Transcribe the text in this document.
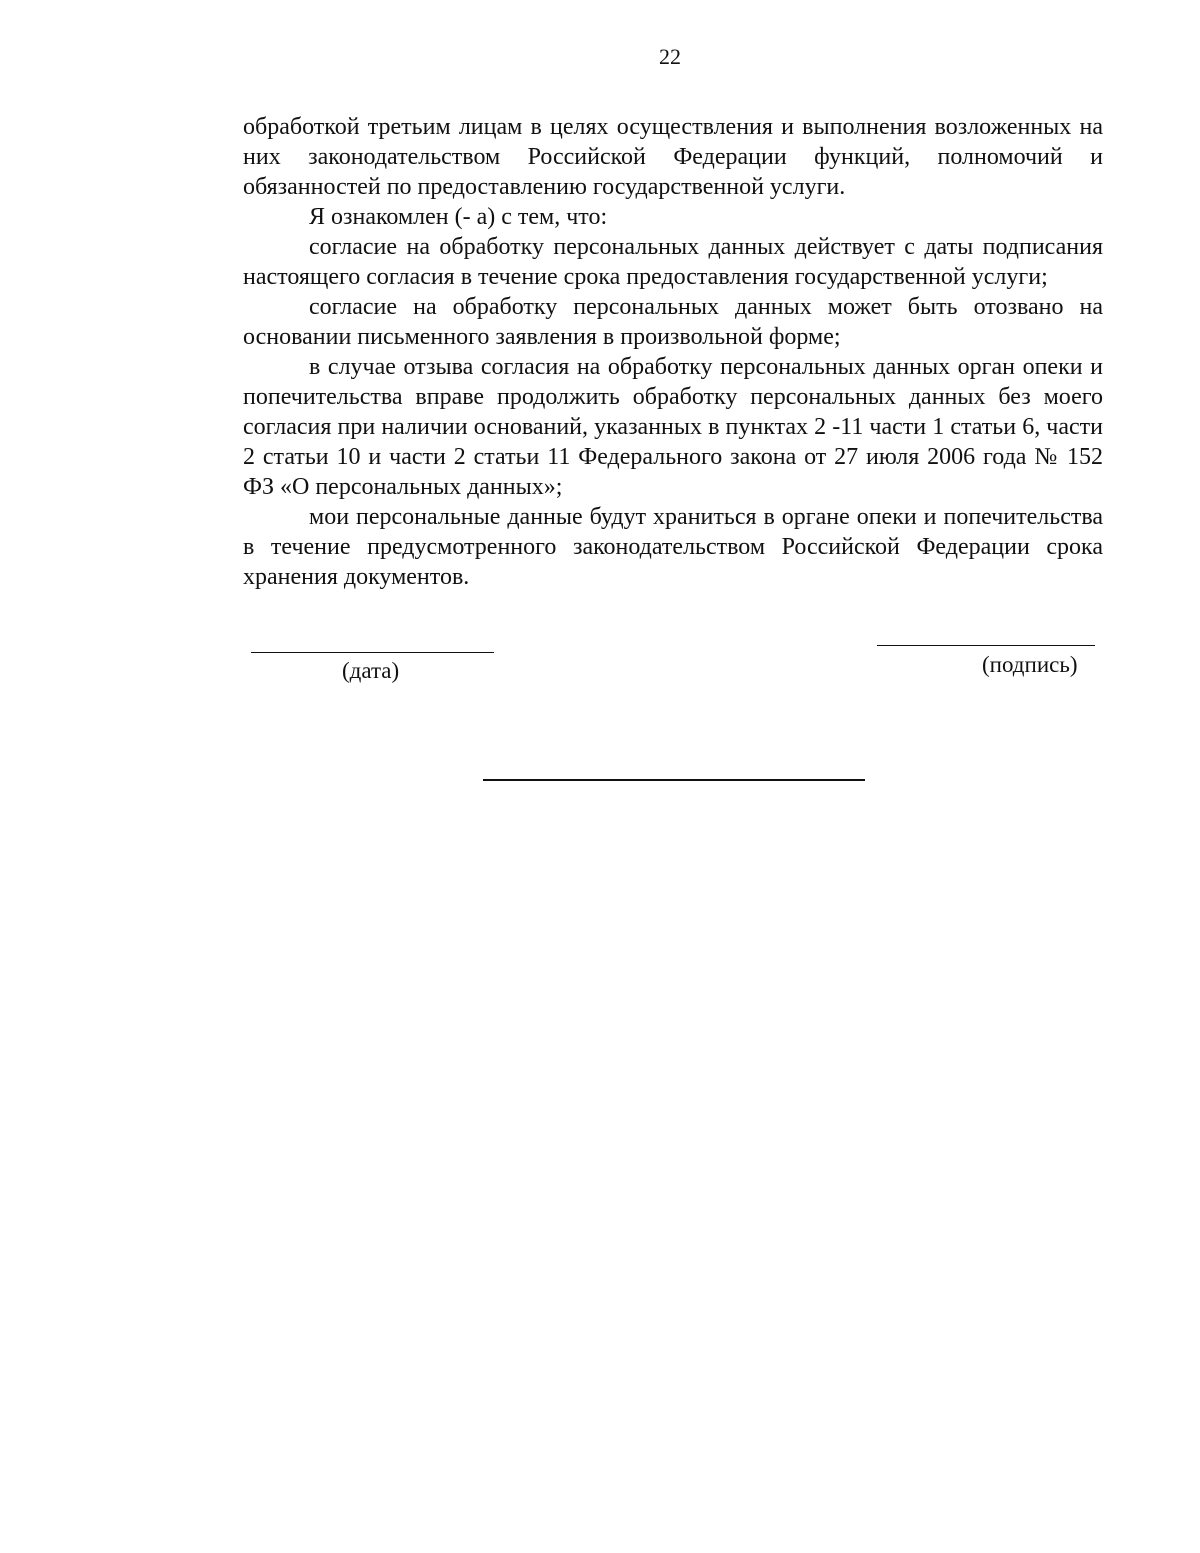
22

обработкой третьим лицам в целях осуществления и выполнения возложенных на них законодательством Российской Федерации функций, полномочий и обязанностей по предоставлению государственной услуги.

Я ознакомлен (- а) с тем, что:

согласие на обработку персональных данных действует с даты подписания настоящего согласия в течение срока предоставления государственной услуги;

согласие на обработку персональных данных может быть отозвано на основании письменного заявления в произвольной форме;

в случае отзыва согласия на обработку персональных данных орган опеки и попечительства вправе продолжить обработку персональных данных без моего согласия при наличии оснований, указанных в пунктах 2 -11 части 1 статьи 6, части 2 статьи 10 и части 2 статьи 11 Федерального закона от 27 июля 2006 года № 152 ФЗ «О персональных данных»;

мои персональные данные будут храниться в органе опеки и попечительства в течение предусмотренного законодательством Российской Федерации срока хранения документов.

(дата)	(подпись)
